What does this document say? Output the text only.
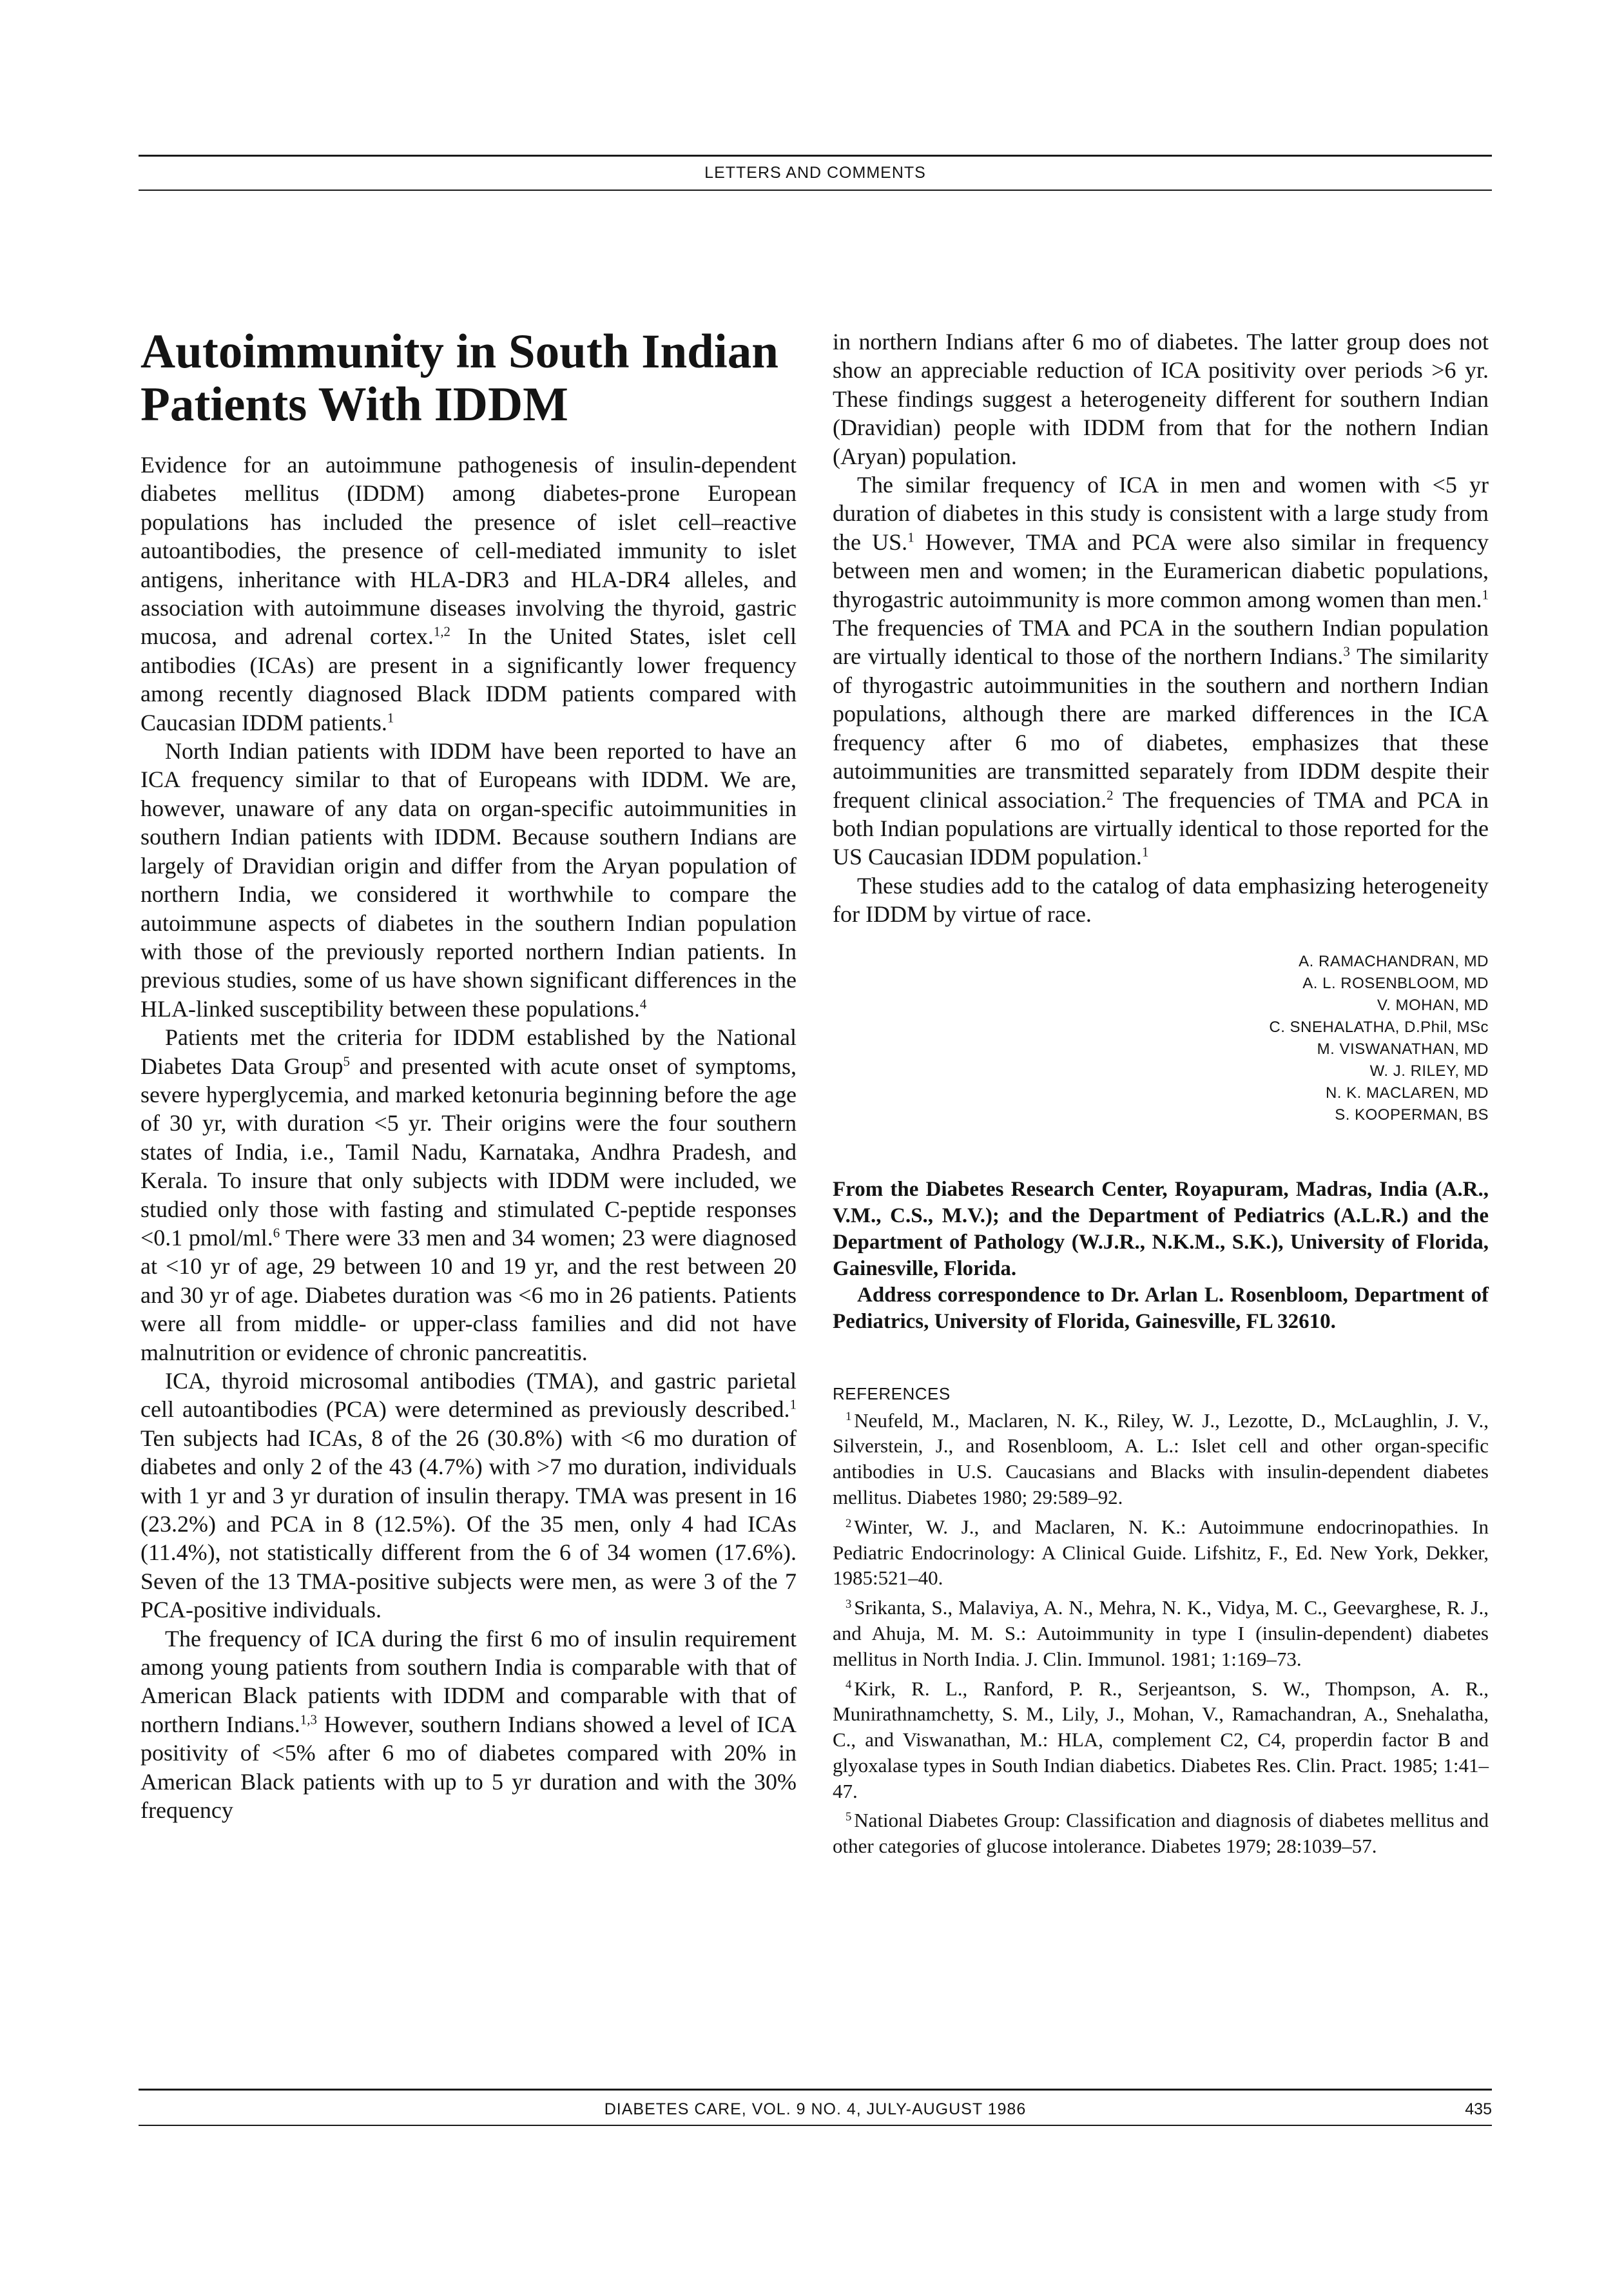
LETTERS AND COMMENTS
Autoimmunity in South Indian
Patients With IDDM

Evidence for an autoimmune pathogenesis of insulin-dependent diabetes mellitus (IDDM) among diabetes-prone European populations has included the presence of islet cell–reactive autoantibodies, the presence of cell-mediated immunity to islet antigens, inheritance with HLA-DR3 and HLA-DR4 alleles, and association with autoimmune diseases involving the thyroid, gastric mucosa, and adrenal cortex.$^{1,2}$ In the United States, islet cell antibodies (ICAs) are present in a significantly lower frequency among recently diagnosed Black IDDM patients compared with Caucasian IDDM patients.$^1$

North Indian patients with IDDM have been reported to have an ICA frequency similar to that of Europeans with IDDM. We are, however, unaware of any data on organ-specific autoimmunities in southern Indian patients with IDDM. Because southern Indians are largely of Dravidian origin and differ from the Aryan population of northern India, we considered it worthwhile to compare the autoimmune aspects of diabetes in the southern Indian population with those of the previously reported northern Indian patients. In previous studies, some of us have shown significant differences in the HLA-linked susceptibility between these populations.$^4$

Patients met the criteria for IDDM established by the National Diabetes Data Group$^5$ and presented with acute onset of symptoms, severe hyperglycemia, and marked ketonuria beginning before the age of 30 yr, with duration <5 yr. Their origins were the four southern states of India, i.e., Tamil Nadu, Karnataka, Andhra Pradesh, and Kerala. To insure that only subjects with IDDM were included, we studied only those with fasting and stimulated C-peptide responses <0.1 pmol/ml.$^6$ There were 33 men and 34 women; 23 were diagnosed at <10 yr of age, 29 between 10 and 19 yr, and the rest between 20 and 30 yr of age. Diabetes duration was <6 mo in 26 patients. Patients were all from middle- or upper-class families and did not have malnutrition or evidence of chronic pancreatitis.

ICA, thyroid microsomal antibodies (TMA), and gastric parietal cell autoantibodies (PCA) were determined as previously described.$^1$ Ten subjects had ICAs, 8 of the 26 (30.8%) with <6 mo duration of diabetes and only 2 of the 43 (4.7%) with >7 mo duration, individuals with 1 yr and 3 yr duration of insulin therapy. TMA was present in 16 (23.2%) and PCA in 8 (12.5%). Of the 35 men, only 4 had ICAs (11.4%), not statistically different from the 6 of 34 women (17.6%). Seven of the 13 TMA-positive subjects were men, as were 3 of the 7 PCA-positive individuals.

The frequency of ICA during the first 6 mo of insulin requirement among young patients from southern India is comparable with that of American Black patients with IDDM and comparable with that of northern Indians.$^{1,3}$ However, southern Indians showed a level of ICA positivity of <5% after 6 mo of diabetes compared with 20% in American Black patients with up to 5 yr duration and with the 30% frequency

in northern Indians after 6 mo of diabetes. The latter group does not show an appreciable reduction of ICA positivity over periods >6 yr. These findings suggest a heterogeneity different for southern Indian (Dravidian) people with IDDM from that for the nothern Indian (Aryan) population.

The similar frequency of ICA in men and women with <5 yr duration of diabetes in this study is consistent with a large study from the US.$^1$ However, TMA and PCA were also similar in frequency between men and women; in the Euramerican diabetic populations, thyrogastric autoimmunity is more common among women than men.$^1$ The frequencies of TMA and PCA in the southern Indian population are virtually identical to those of the northern Indians.$^3$ The similarity of thyrogastric autoimmunities in the southern and northern Indian populations, although there are marked differences in the ICA frequency after 6 mo of diabetes, emphasizes that these autoimmunities are transmitted separately from IDDM despite their frequent clinical association.$^2$ The frequencies of TMA and PCA in both Indian populations are virtually identical to those reported for the US Caucasian IDDM population.$^1$

These studies add to the catalog of data emphasizing heterogeneity for IDDM by virtue of race.

A. RAMACHANDRAN, MD
A. L. ROSENBLOOM, MD
V. MOHAN, MD
C. SNEHALATHA, D.Phil, MSc
M. VISWANATHAN, MD
W. J. RILEY, MD
N. K. MACLAREN, MD
S. KOOPERMAN, BS

From the Diabetes Research Center, Royapuram, Madras, India (A.R., V.M., C.S., M.V.); and the Department of Pediatrics (A.L.R.) and the Department of Pathology (W.J.R., N.K.M., S.K.), University of Florida, Gainesville, Florida.

Address correspondence to Dr. Arlan L. Rosenbloom, Department of Pediatrics, University of Florida, Gainesville, FL 32610.

REFERENCES

$^1$ Neufeld, M., Maclaren, N. K., Riley, W. J., Lezotte, D., McLaughlin, J. V., Silverstein, J., and Rosenbloom, A. L.: Islet cell and other organ-specific antibodies in U.S. Caucasians and Blacks with insulin-dependent diabetes mellitus. Diabetes 1980; 29:589–92.

$^2$ Winter, W. J., and Maclaren, N. K.: Autoimmune endocrinopathies. In Pediatric Endocrinology: A Clinical Guide. Lifshitz, F., Ed. New York, Dekker, 1985:521–40.

$^3$ Srikanta, S., Malaviya, A. N., Mehra, N. K., Vidya, M. C., Geevarghese, R. J., and Ahuja, M. M. S.: Autoimmunity in type I (insulin-dependent) diabetes mellitus in North India. J. Clin. Immunol. 1981; 1:169–73.

$^4$ Kirk, R. L., Ranford, P. R., Serjeantson, S. W., Thompson, A. R., Munirathnamchetty, S. M., Lily, J., Mohan, V., Ramachandran, A., Snehalatha, C., and Viswanathan, M.: HLA, complement C2, C4, properdin factor B and glyoxalase types in South Indian diabetics. Diabetes Res. Clin. Pract. 1985; 1:41–47.

$^5$ National Diabetes Group: Classification and diagnosis of diabetes mellitus and other categories of glucose intolerance. Diabetes 1979; 28:1039–57.

DIABETES CARE, VOL. 9 NO. 4, JULY-AUGUST 1986	435
